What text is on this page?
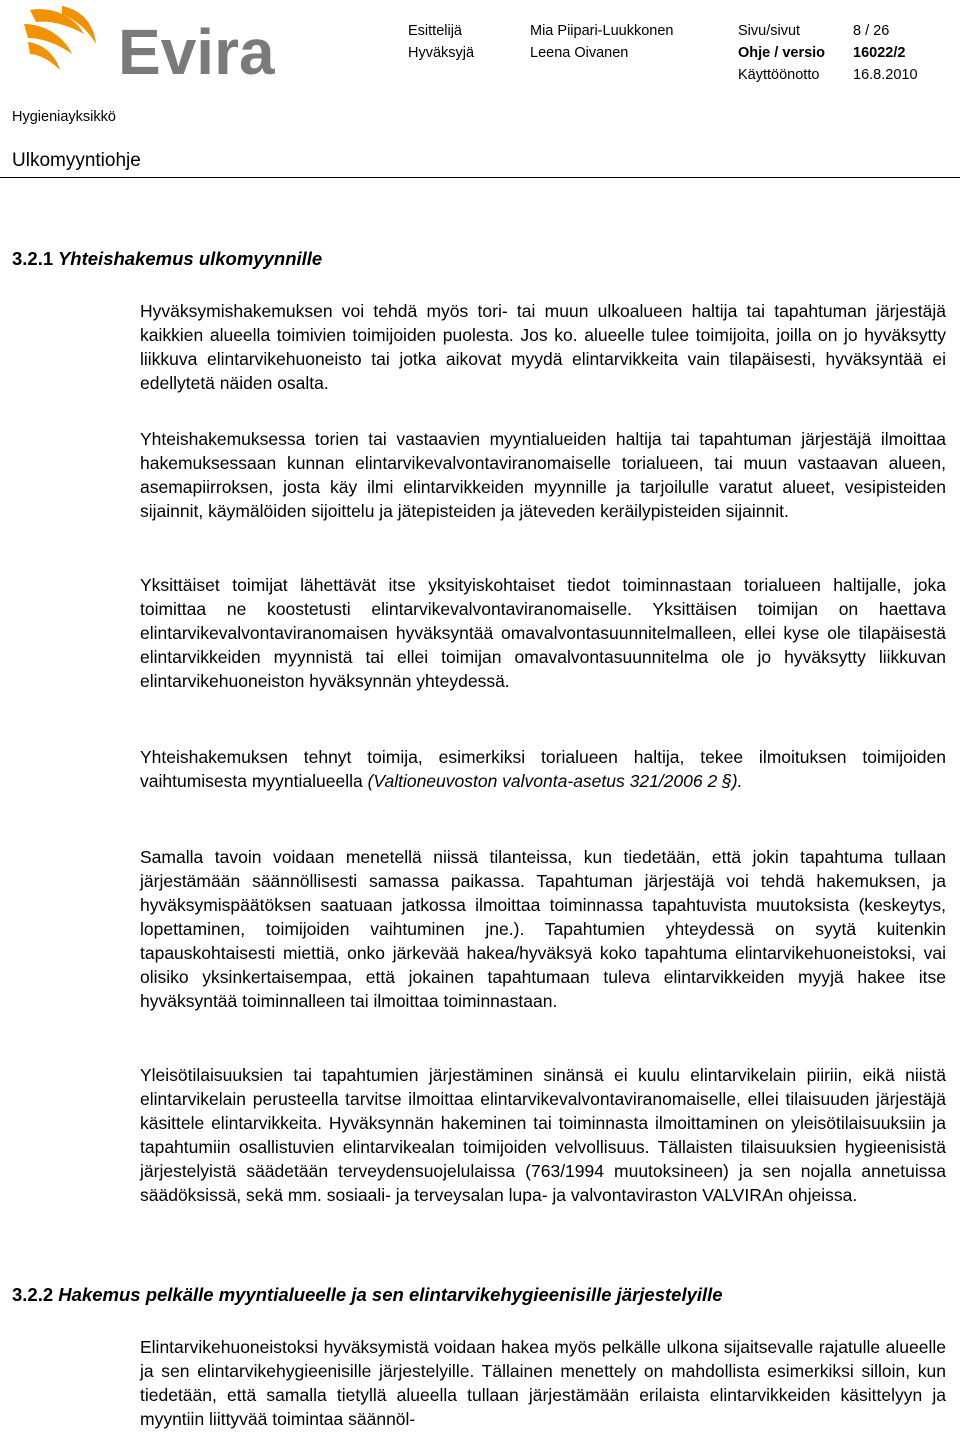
Evira	Esittelijä	Mia Piipari-Luukkonen	Sivu/sivut	8 / 26
Hyväksyjä	Leena Oivanen	Ohje / versio 16022/2
Käyttöönotto 16.8.2010
Hygieniayksikkö
Ulkomyyntiohje
3.2.1 Yhteishakemus ulkomyynnille

Hyväksymishakemuksen voi tehdä myös tori- tai muun ulkoalueen haltija tai tapahtuman järjestäjä kaikkien alueella toimivien toimijoiden puolesta. Jos ko. alueelle tulee toimijoita, joilla on jo hyväksytty liikkuva elintarvikehuoneisto tai jotka aikovat myydä elintarvikkeita vain tilapäisesti, hyväksyntää ei edellytetä näiden osalta.

Yhteishakemuksessa torien tai vastaavien myyntialueiden haltija tai tapahtuman järjestäjä ilmoittaa hakemuksessaan kunnan elintarvikevalvontaviranomaiselle torialueen, tai muun vastaavan alueen, asemapiirroksen, josta käy ilmi elintarvikkeiden myynnille ja tarjoilulle varatut alueet, vesipisteiden sijainnit, käymälöiden sijoittelu ja jätepisteiden ja jäteveden keräilypisteiden sijainnit.

Yksittäiset toimijat lähettävät itse yksityiskohtaiset tiedot toiminnastaan torialueen haltijalle, joka toimittaa ne koostetusti elintarvikevalvontaviranomaiselle. Yksittäisen toimijan on haettava elintarvikevalvontaviranomaisen hyväksyntää omavalvontasuunnitelmalleen, ellei kyse ole tilapäisestä elintarvikkeiden myynnistä tai ellei toimijan omavalvontasuunnitelma ole jo hyväksytty liikkuvan elintarvikehuoneiston hyväksynnän yhteydessä.

Yhteishakemuksen tehnyt toimija, esimerkiksi torialueen haltija, tekee ilmoituksen toimijoiden vaihtumisesta myyntialueella (Valtioneuvoston valvonta-asetus 321/2006 2 §).

Samalla tavoin voidaan menetellä niissä tilanteissa, kun tiedetään, että jokin tapahtuma tullaan järjestämään säännöllisesti samassa paikassa. Tapahtuman järjestäjä voi tehdä hakemuksen, ja hyväksymispäätöksen saatuaan jatkossa ilmoittaa toiminnassa tapahtuvista muutoksista (keskeytys, lopettaminen, toimijoiden vaihtuminen jne.). Tapahtumien yhteydessä on syytä kuitenkin tapauskohtaisesti miettiä, onko järkevää hakea/hyväksyä koko tapahtuma elintarvikehuoneistoksi, vai olisiko yksinkertaisempaa, että jokainen tapahtumaan tuleva elintarvikkeiden myyjä hakee itse hyväksyntää toiminnalleen tai ilmoittaa toiminnastaan.

Yleisötilaisuuksien tai tapahtumien järjestäminen sinänsä ei kuulu elintarvikelain piiriin, eikä niistä elintarvikelain perusteella tarvitse ilmoittaa elintarvikevalvontaviranomaiselle, ellei tilaisuuden järjestäjä käsittele elintarvikkeita. Hyväksynnän hakeminen tai toiminnasta ilmoittaminen on yleisötilaisuuksiin ja tapahtumiin osallistuvien elintarvikealan toimijoiden velvollisuus. Tällaisten tilaisuuksien hygieenisistä järjestelyistä säädetään terveydensuojelulaissa (763/1994 muutoksineen) ja sen nojalla annetuissa säädöksissä, sekä mm. sosiaali- ja terveysalan lupa- ja valvontaviraston VALVIRAn ohjeissa.

3.2.2 Hakemus pelkälle myyntialueelle ja sen elintarvikehygieenisille järjestelyille

Elintarvikehuoneistoksi hyväksymistä voidaan hakea myös pelkälle ulkona sijaitsevalle rajatulle alueelle ja sen elintarvikehygieenisille järjestelyille. Tällainen menettely on mahdollista esimerkiksi silloin, kun tiedetään, että samalla tietyllä alueella tullaan järjestämään erilaista elintarvikkeiden käsittelyyn ja myyntiin liittyvää toimintaa säännöl-
